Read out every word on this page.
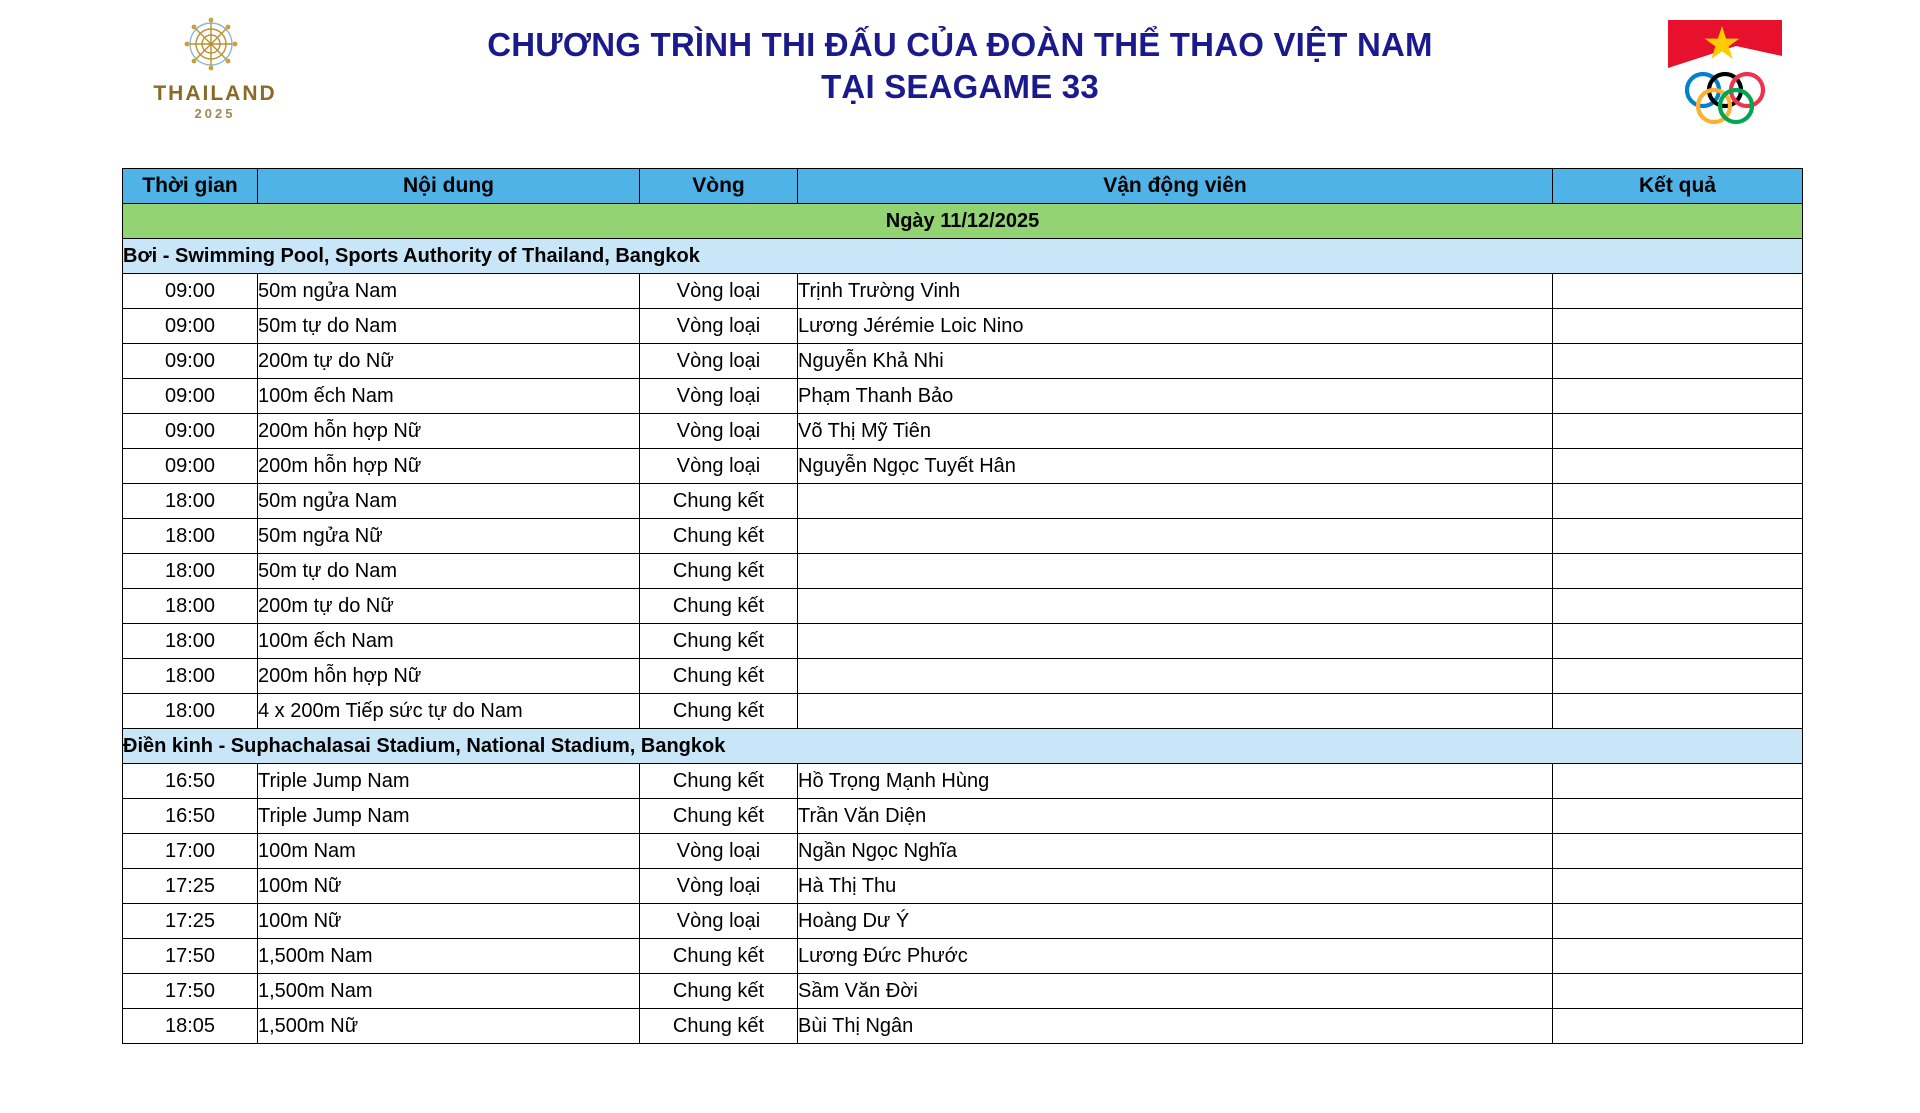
THAILAND
2025
CHƯƠNG TRÌNH THI ĐẤU CỦA ĐOÀN THỂ THAO VIỆT NAM
TẠI SEAGAME 33
Thời gian	Nội dung	Vòng	Vận động viên	Kết quả
Ngày 11/12/2025				
Bơi - Swimming Pool, Sports Authority of Thailand, Bangkok				
09:00	50m ngửa Nam	Vòng loại	Trịnh Trường Vinh	
09:00	50m tự do Nam	Vòng loại	Lương Jérémie Loic Nino	
09:00	200m tự do Nữ	Vòng loại	Nguyễn Khả Nhi	
09:00	100m ếch Nam	Vòng loại	Phạm Thanh Bảo	
09:00	200m hỗn hợp Nữ	Vòng loại	Võ Thị Mỹ Tiên	
09:00	200m hỗn hợp Nữ	Vòng loại	Nguyễn Ngọc Tuyết Hân	
18:00	50m ngửa Nam	Chung kết		
18:00	50m ngửa Nữ	Chung kết		
18:00	50m tự do Nam	Chung kết		
18:00	200m tự do Nữ	Chung kết		
18:00	100m ếch Nam	Chung kết		
18:00	200m hỗn hợp Nữ	Chung kết		
18:00	4 x 200m Tiếp sức tự do Nam	Chung kết		
Điền kinh - Suphachalasai Stadium, National Stadium, Bangkok				
16:50	Triple Jump Nam	Chung kết	Hồ Trọng Mạnh Hùng	
16:50	Triple Jump Nam	Chung kết	Trần Văn Diện	
17:00	100m Nam	Vòng loại	Ngần Ngọc Nghĩa	
17:25	100m Nữ	Vòng loại	Hà Thị Thu	
17:25	100m Nữ	Vòng loại	Hoàng Dư Ý	
17:50	1,500m Nam	Chung kết	Lương Đức Phước	
17:50	1,500m Nam	Chung kết	Sầm Văn Đời	
18:05	1,500m Nữ	Chung kết	Bùi Thị Ngân	
